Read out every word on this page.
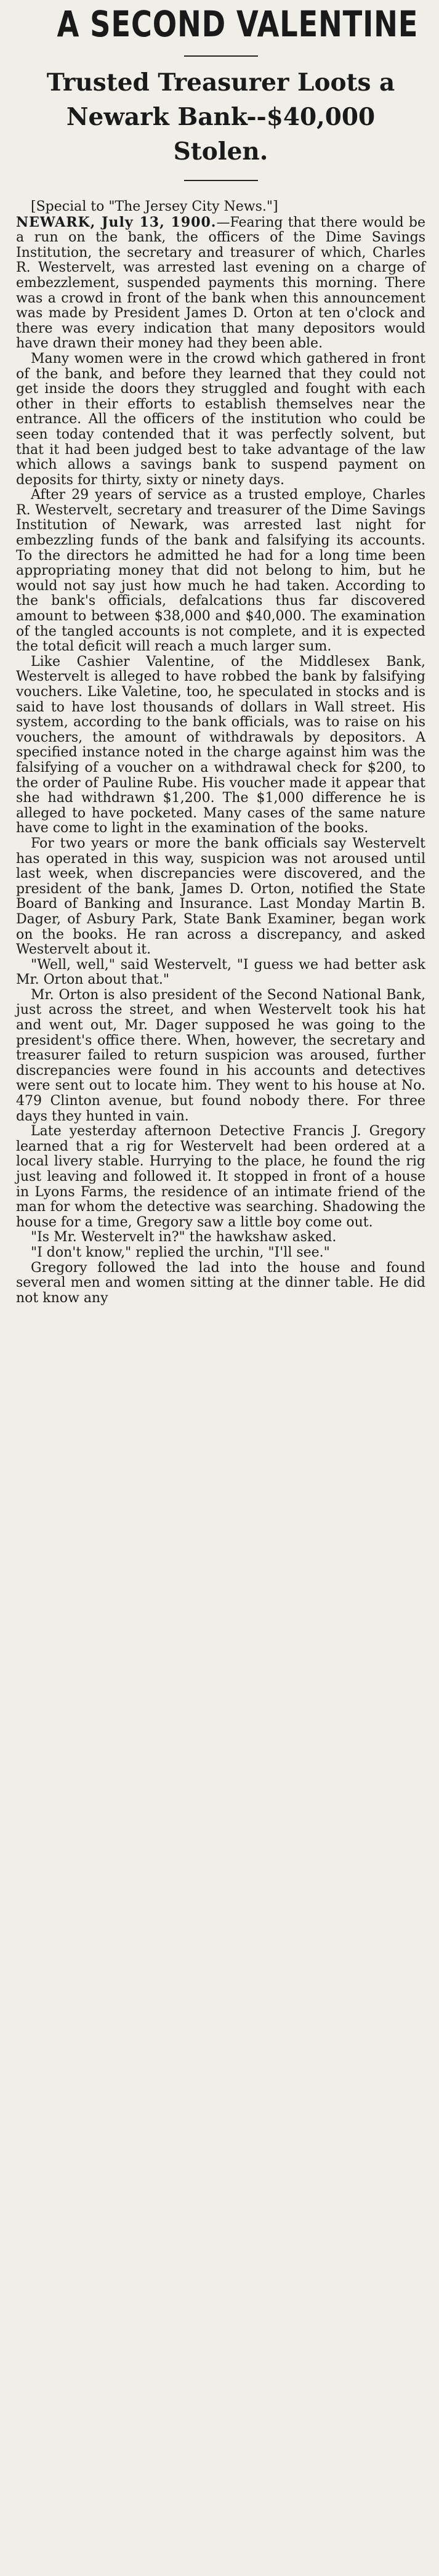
A SECOND VALENTINE
Trusted Treasurer Loots a Newark Bank--$40,000 Stolen.

[Special to "The Jersey City News."]
NEWARK, July 13, 1900.—Fearing that there would be a run on the bank, the officers of the Dime Savings Institution, the secretary and treasurer of which, Charles R. Westervelt, was arrested last evening on a charge of embezzlement, suspended payments this morning. There was a crowd in front of the bank when this announcement was made by President James D. Orton at ten o'clock and there was every indication that many depositors would have drawn their money had they been able.

Many women were in the crowd which gathered in front of the bank, and before they learned that they could not get inside the doors they struggled and fought with each other in their efforts to establish themselves near the entrance. All the officers of the institution who could be seen today contended that it was perfectly solvent, but that it had been judged best to take advantage of the law which allows a savings bank to suspend payment on deposits for thirty, sixty or ninety days.

After 29 years of service as a trusted employe, Charles R. Westervelt, secretary and treasurer of the Dime Savings Institution of Newark, was arrested last night for embezzling funds of the bank and falsifying its accounts. To the directors he admitted he had for a long time been appropriating money that did not belong to him, but he would not say just how much he had taken. According to the bank's officials, defalcations thus far discovered amount to between $38,000 and $40,000. The examination of the tangled accounts is not complete, and it is expected the total deficit will reach a much larger sum.

Like Cashier Valentine, of the Middlesex Bank, Westervelt is alleged to have robbed the bank by falsifying vouchers. Like Valetine, too, he speculated in stocks and is said to have lost thousands of dollars in Wall street. His system, according to the bank officials, was to raise on his vouchers, the amount of withdrawals by depositors. A specified instance noted in the charge against him was the falsifying of a voucher on a withdrawal check for $200, to the order of Pauline Rube. His voucher made it appear that she had withdrawn $1,200. The $1,000 difference he is alleged to have pocketed. Many cases of the same nature have come to light in the examination of the books.

For two years or more the bank officials say Westervelt has operated in this way, suspicion was not aroused until last week, when discrepancies were discovered, and the president of the bank, James D. Orton, notified the State Board of Banking and Insurance. Last Monday Martin B. Dager, of Asbury Park, State Bank Examiner, began work on the books. He ran across a discrepancy, and asked Westervelt about it.

"Well, well," said Westervelt, "I guess we had better ask Mr. Orton about that."

Mr. Orton is also president of the Second National Bank, just across the street, and when Westervelt took his hat and went out, Mr. Dager supposed he was going to the president's office there. When, however, the secretary and treasurer failed to return suspicion was aroused, further discrepancies were found in his accounts and detectives were sent out to locate him. They went to his house at No. 479 Clinton avenue, but found nobody there. For three days they hunted in vain.

Late yesterday afternoon Detective Francis J. Gregory learned that a rig for Westervelt had been ordered at a local livery stable. Hurrying to the place, he found the rig just leaving and followed it. It stopped in front of a house in Lyons Farms, the residence of an intimate friend of the man for whom the detective was searching. Shadowing the house for a time, Gregory saw a little boy come out.

"Is Mr. Westervelt in?" the hawkshaw asked.

"I don't know," replied the urchin, "I'll see."

Gregory followed the lad into the house and found several men and women sitting at the dinner table. He did not know any
